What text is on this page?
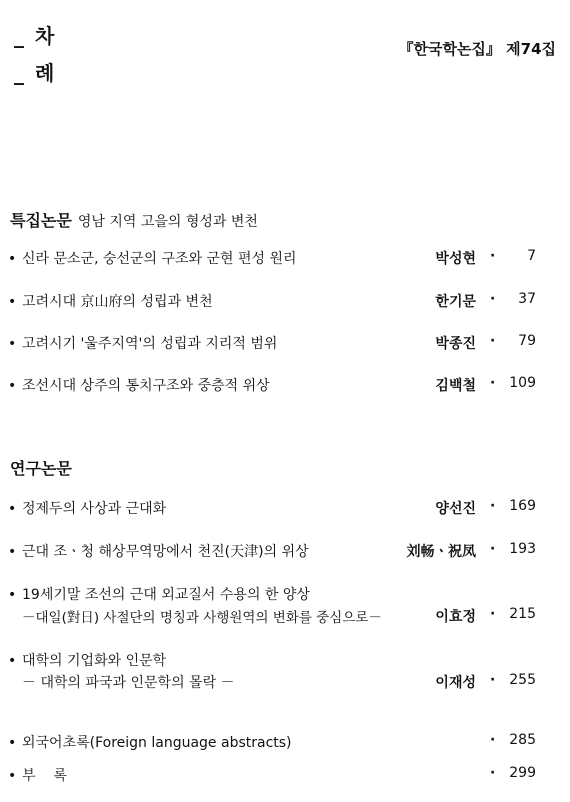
_ 차
_ 례
『한국학논집』 제74집
특집논문 영남 지역 고을의 형성과 변천
• 신라 문소군, 숭선군의 구조와 군현 편성 원리	박성현 ·	7
• 고려시대 京山府의 성립과 변천	한기문 ·	37
• 고려시기 '울주지역'의 성립과 지리적 범위	박종진 ·	79
• 조선시대 상주의 통치구조와 중층적 위상	김백철 · 109
연구논문
• 정제두의 사상과 근대화	양선진 · 169
• 근대 조ㆍ청 해상무역망에서 천진(天津)의 위상	刘畅ㆍ祝凤 · 193
• 19세기말 조선의 근대 외교질서 수용의 한 양상
－대일(對日) 사절단의 명칭과 사행원역의 변화를 중심으로－	이효정 · 215
• 대학의 기업화와 인문학
－ 대학의 파국과 인문학의 몰락 －	이재성 · 255
• 외국어초록(Foreign language abstracts)	· 285
• 부    록	· 299
